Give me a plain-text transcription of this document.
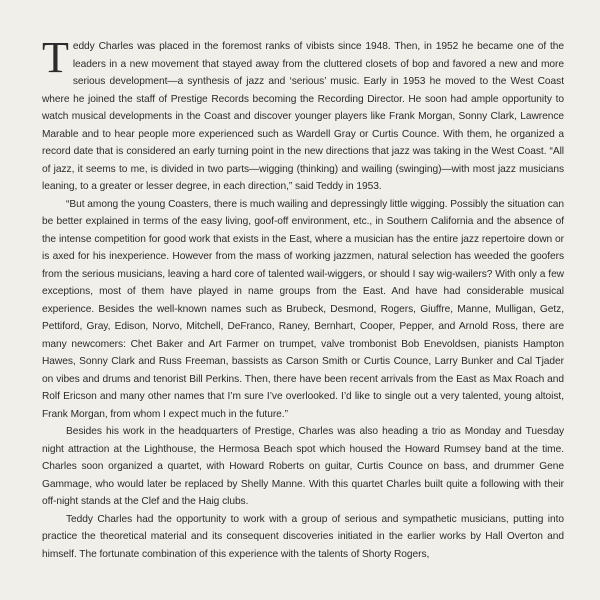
Teddy Charles was placed in the foremost ranks of vibists since 1948. Then, in 1952 he became one of the leaders in a new movement that stayed away from the cluttered closets of bop and favored a new and more serious development—a synthesis of jazz and ‘serious’ music. Early in 1953 he moved to the West Coast where he joined the staff of Prestige Records becoming the Recording Director. He soon had ample opportunity to watch musical developments in the Coast and discover younger players like Frank Morgan, Sonny Clark, Lawrence Marable and to hear people more experienced such as Wardell Gray or Curtis Counce. With them, he organized a record date that is considered an early turning point in the new directions that jazz was taking in the West Coast. “All of jazz, it seems to me, is divided in two parts—wigging (thinking) and wailing (swinging)—with most jazz musicians leaning, to a greater or lesser degree, in each direction,” said Teddy in 1953.

“But among the young Coasters, there is much wailing and depressingly little wigging. Possibly the situation can be better explained in terms of the easy living, goof-off environment, etc., in Southern California and the absence of the intense competition for good work that exists in the East, where a musician has the entire jazz repertoire down or is axed for his inexperience. However from the mass of working jazzmen, natural selection has weeded the goofers from the serious musicians, leaving a hard core of talented wail-wiggers, or should I say wig-wailers? With only a few exceptions, most of them have played in name groups from the East. And have had considerable musical experience. Besides the well-known names such as Brubeck, Desmond, Rogers, Giuffre, Manne, Mulligan, Getz, Pettiford, Gray, Edison, Norvo, Mitchell, DeFranco, Raney, Bernhart, Cooper, Pepper, and Arnold Ross, there are many newcomers: Chet Baker and Art Farmer on trumpet, valve trombonist Bob Enevoldsen, pianists Hampton Hawes, Sonny Clark and Russ Freeman, bassists as Carson Smith or Curtis Counce, Larry Bunker and Cal Tjader on vibes and drums and tenorist Bill Perkins. Then, there have been recent arrivals from the East as Max Roach and Rolf Ericson and many other names that I’m sure I’ve overlooked. I’d like to single out a very talented, young altoist, Frank Morgan, from whom I expect much in the future.”

Besides his work in the headquarters of Prestige, Charles was also heading a trio as Monday and Tuesday night attraction at the Lighthouse, the Hermosa Beach spot which housed the Howard Rumsey band at the time. Charles soon organized a quartet, with Howard Roberts on guitar, Curtis Counce on bass, and drummer Gene Gammage, who would later be replaced by Shelly Manne. With this quartet Charles built quite a following with their off-night stands at the Clef and the Haig clubs.

Teddy Charles had the opportunity to work with a group of serious and sympathetic musicians, putting into practice the theoretical material and its consequent discoveries initiated in the earlier works by Hall Overton and himself. The fortunate combination of this experience with the talents of Shorty Rogers,
